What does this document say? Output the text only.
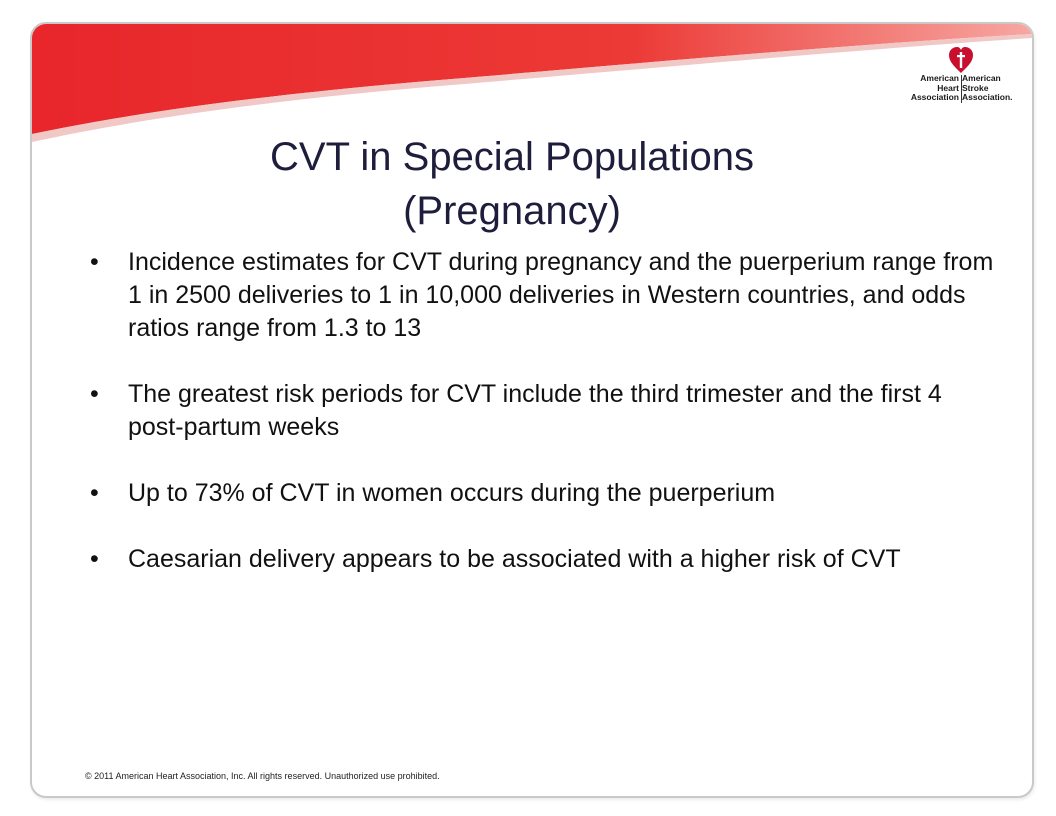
American
Heart
Association
American
Stroke
Association.
CVT in Special Populations
(Pregnancy)
• Incidence estimates for CVT during pregnancy and the puerperium range from 1 in 2500 deliveries to 1 in 10,000 deliveries in Western countries, and odds ratios range from 1.3 to 13
• The greatest risk periods for CVT include the third trimester and the first 4 post-partum weeks
• Up to 73% of CVT in women occurs during the puerperium
• Caesarian delivery appears to be associated with a higher risk of CVT
© 2011 American Heart Association, Inc. All rights reserved. Unauthorized use prohibited.
